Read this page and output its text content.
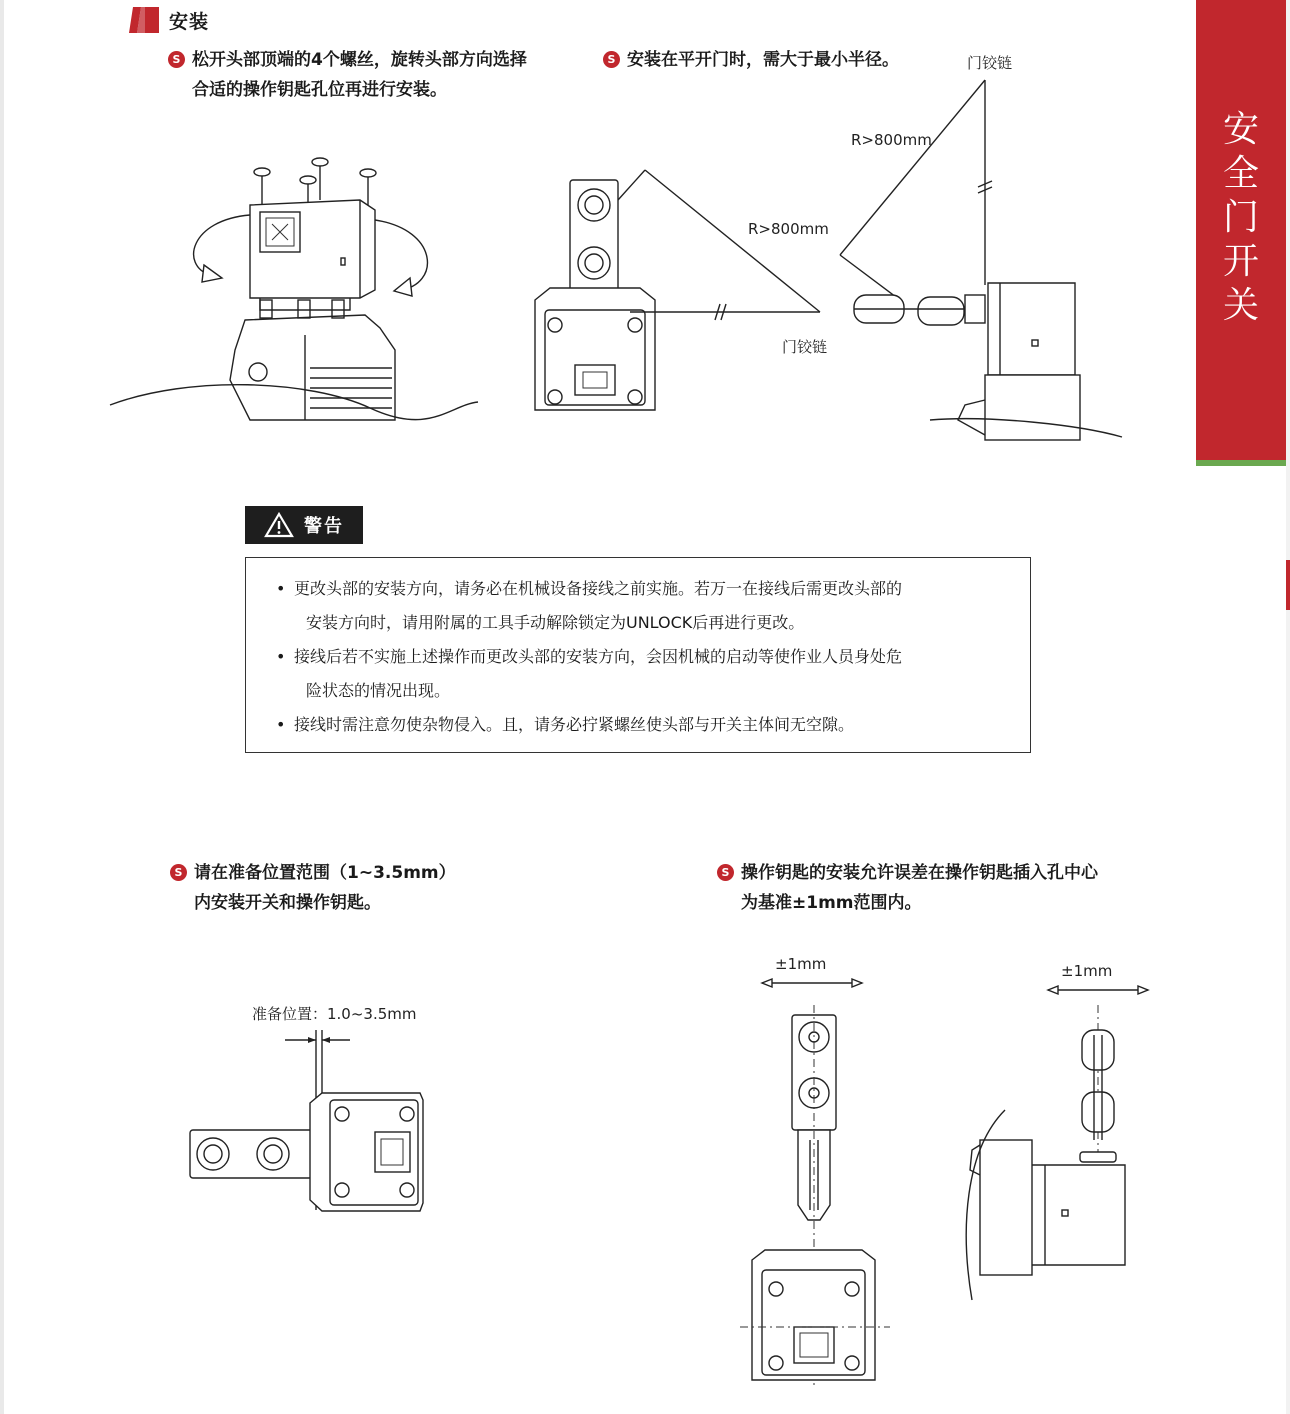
安装
S 松开头部顶端的4个螺丝，旋转头部方向选择
合适的操作钥匙孔位再进行安装。
S 安装在平开门时，需大于最小半径。
R>800mm
门铰链
R>800mm
门铰链
安
全
门
开
关
警告
• 更改头部的安装方向，请务必在机械设备接线之前实施。若万一在接线后需更改头部的
安装方向时，请用附属的工具手动解除锁定为UNLOCK后再进行更改。
• 接线后若不实施上述操作而更改头部的安装方向，会因机械的启动等使作业人员身处危
险状态的情况出现。
• 接线时需注意勿使杂物侵入。且，请务必拧紧螺丝使头部与开关主体间无空隙。
S 请在准备位置范围（1~3.5mm）
内安装开关和操作钥匙。
S 操作钥匙的安装允许误差在操作钥匙插入孔中心
为基准±1mm范围内。
准备位置：1.0~3.5mm
±1mm	±1mm
